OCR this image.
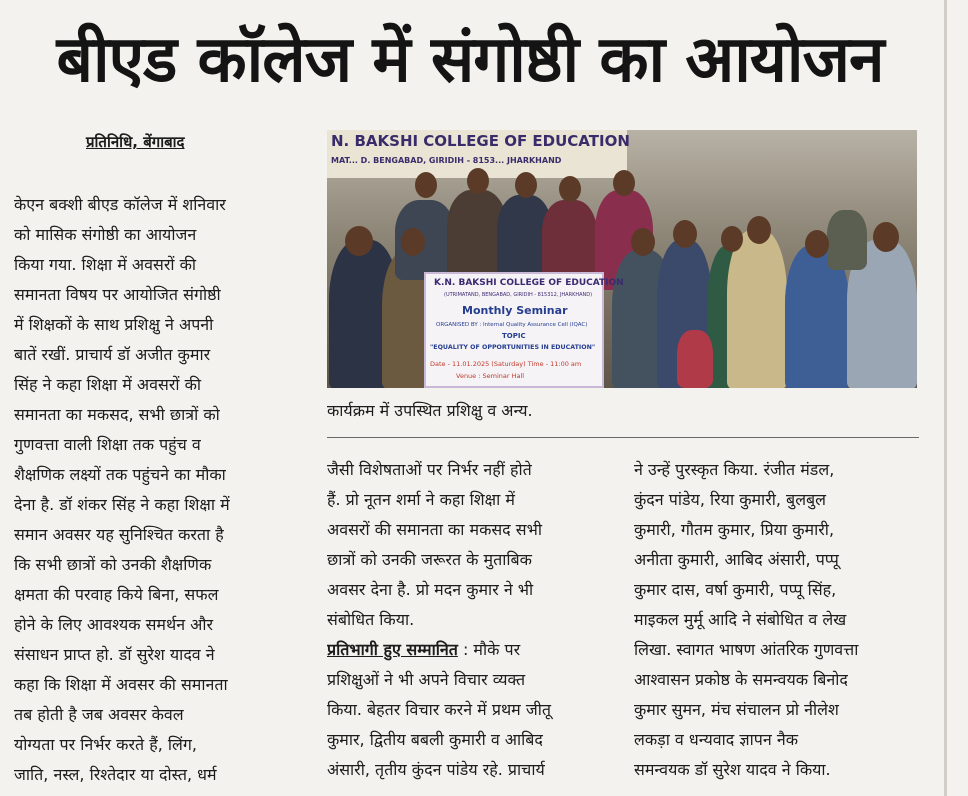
बीएड कॉलेज में संगोष्ठी का आयोजन
प्रतिनिधि, बेंगाबाद
केएन बक्शी बीएड कॉलेज में शनिवार
को मासिक संगोष्ठी का आयोजन
किया गया. शिक्षा में अवसरों की
समानता विषय पर आयोजित संगोष्ठी
में शिक्षकों के साथ प्रशिक्षु ने अपनी
बातें रखीं. प्राचार्य डॉ अजीत कुमार
सिंह ने कहा शिक्षा में अवसरों की
समानता का मकसद, सभी छात्रों को
गुणवत्ता वाली शिक्षा तक पहुंच व
शैक्षणिक लक्ष्यों तक पहुंचने का मौका
देना है. डॉ शंकर सिंह ने कहा शिक्षा में
समान अवसर यह सुनिश्चित करता है
कि सभी छात्रों को उनकी शैक्षणिक
क्षमता की परवाह किये बिना, सफल
होने के लिए आवश्यक समर्थन और
संसाधन प्राप्त हो. डॉ सुरेश यादव ने
कहा कि शिक्षा में अवसर की समानता
तब होती है जब अवसर केवल
योग्यता पर निर्भर करते हैं, लिंग,
जाति, नस्ल, रिश्तेदार या दोस्त, धर्म
N. BAKSHI COLLEGE OF EDUCATION
MAT... D. BENGABAD, GIRIDIH - 8153... JHARKHAND
K.N. BAKSHI COLLEGE OF EDUCATION
(UTRIMATAND, BENGABAD, GIRIDIH - 815312, JHARKHAND)
Monthly Seminar
ORGANISED BY : Internal Quality Assurance Cell (IQAC)
TOPIC
"EQUALITY OF OPPORTUNITIES IN EDUCATION"
Date - 11.01.2025 (Saturday) Time - 11:00 am
Venue : Seminar Hall
कार्यक्रम में उपस्थित प्रशिक्षु व अन्य.
जैसी विशेषताओं पर निर्भर नहीं होते
हैं. प्रो नूतन शर्मा ने कहा शिक्षा में
अवसरों की समानता का मकसद सभी
छात्रों को उनकी जरूरत के मुताबिक
अवसर देना है. प्रो मदन कुमार ने भी
संबोधित किया.
प्रतिभागी हुए सम्मानित : मौके पर
प्रशिक्षुओं ने भी अपने विचार व्यक्त
किया. बेहतर विचार करने में प्रथम जीतू
कुमार, द्वितीय बबली कुमारी व आबिद
अंसारी, तृतीय कुंदन पांडेय रहे. प्राचार्य
ने उन्हें पुरस्कृत किया. रंजीत मंडल,
कुंदन पांडेय, रिया कुमारी, बुलबुल
कुमारी, गौतम कुमार, प्रिया कुमारी,
अनीता कुमारी, आबिद अंसारी, पप्पू
कुमार दास, वर्षा कुमारी, पप्पू सिंह,
माइकल मुर्मू आदि ने संबोधित व लेख
लिखा. स्वागत भाषण आंतरिक गुणवत्ता
आश्वासन प्रकोष्ठ के समन्वयक बिनोद
कुमार सुमन, मंच संचालन प्रो नीलेश
लकड़ा व धन्यवाद ज्ञापन नैक
समन्वयक डॉ सुरेश यादव ने किया.
